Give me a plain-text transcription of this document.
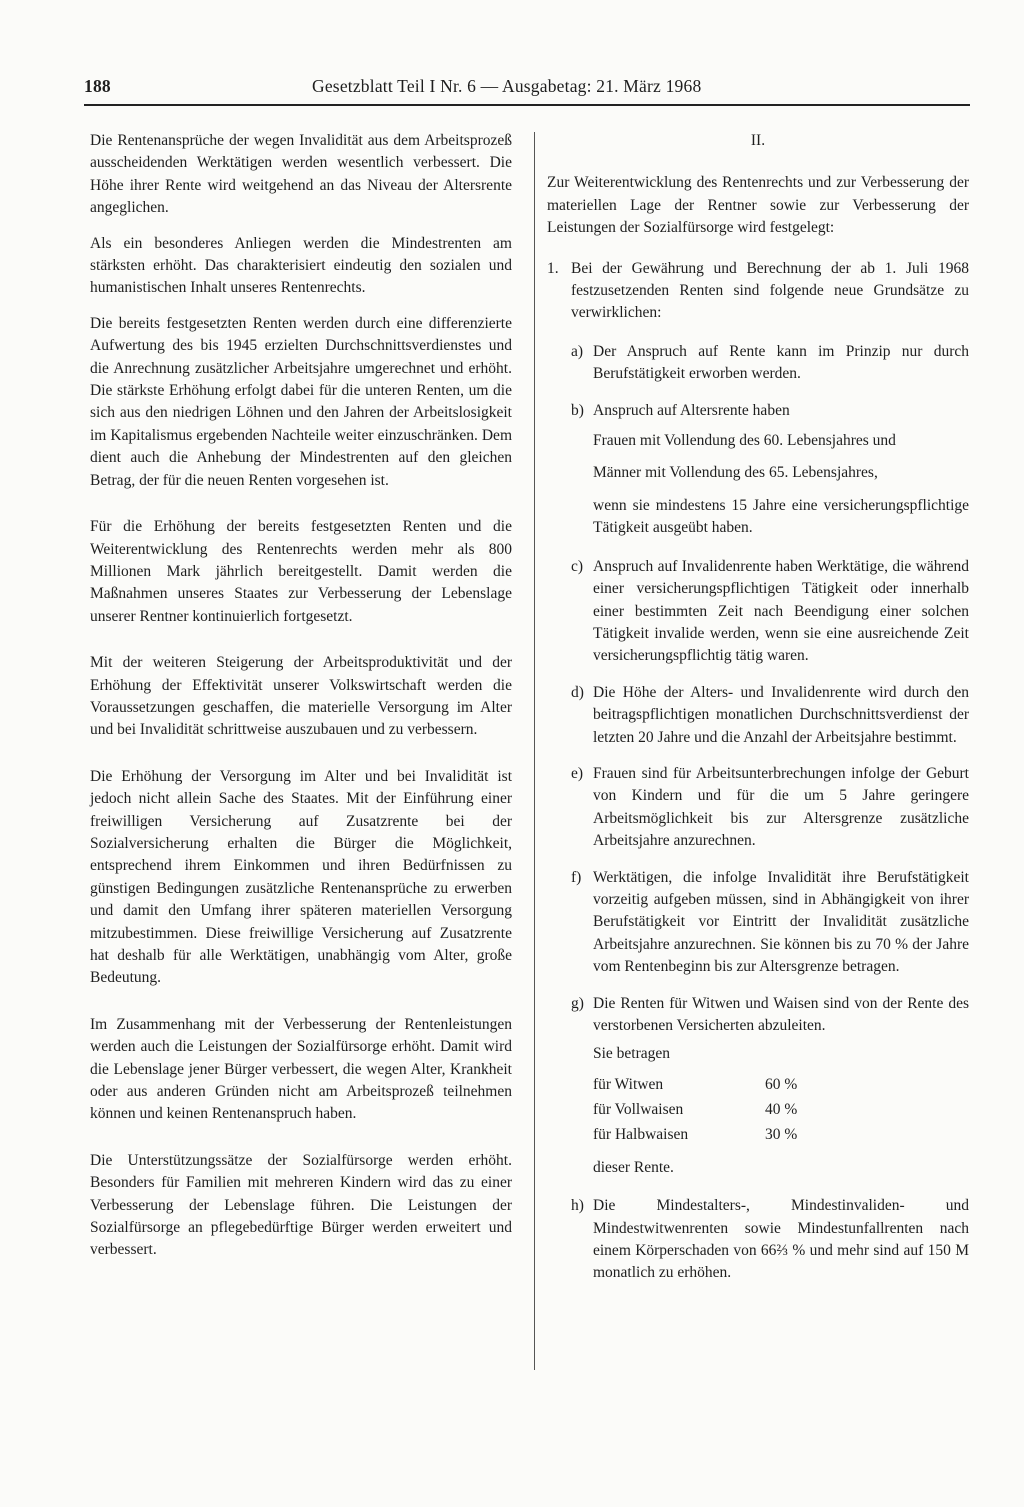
188	Gesetzblatt Teil I Nr. 6 — Ausgabetag: 21. März 1968

Die Rentenansprüche der wegen Invalidität aus dem Arbeitsprozeß ausscheidenden Werktätigen werden wesentlich verbessert. Die Höhe ihrer Rente wird weitgehend an das Niveau der Altersrente angeglichen.

Als ein besonderes Anliegen werden die Mindestrenten am stärksten erhöht. Das charakterisiert eindeutig den sozialen und humanistischen Inhalt unseres Rentenrechts.

Die bereits festgesetzten Renten werden durch eine differenzierte Aufwertung des bis 1945 erzielten Durchschnittsverdienstes und die Anrechnung zusätzlicher Arbeitsjahre umgerechnet und erhöht. Die stärkste Erhöhung erfolgt dabei für die unteren Renten, um die sich aus den niedrigen Löhnen und den Jahren der Arbeitslosigkeit im Kapitalismus ergebenden Nachteile weiter einzuschränken. Dem dient auch die Anhebung der Mindestrenten auf den gleichen Betrag, der für die neuen Renten vorgesehen ist.

Für die Erhöhung der bereits festgesetzten Renten und die Weiterentwicklung des Rentenrechts werden mehr als 800 Millionen Mark jährlich bereitgestellt. Damit werden die Maßnahmen unseres Staates zur Verbesserung der Lebenslage unserer Rentner kontinuierlich fortgesetzt.

Mit der weiteren Steigerung der Arbeitsproduktivität und der Erhöhung der Effektivität unserer Volkswirtschaft werden die Voraussetzungen geschaffen, die materielle Versorgung im Alter und bei Invalidität schrittweise auszubauen und zu verbessern.

Die Erhöhung der Versorgung im Alter und bei Invalidität ist jedoch nicht allein Sache des Staates. Mit der Einführung einer freiwilligen Versicherung auf Zusatzrente bei der Sozialversicherung erhalten die Bürger die Möglichkeit, entsprechend ihrem Einkommen und ihren Bedürfnissen zu günstigen Bedingungen zusätzliche Rentenansprüche zu erwerben und damit den Umfang ihrer späteren materiellen Versorgung mitzubestimmen. Diese freiwillige Versicherung auf Zusatzrente hat deshalb für alle Werktätigen, unabhängig vom Alter, große Bedeutung.

Im Zusammenhang mit der Verbesserung der Rentenleistungen werden auch die Leistungen der Sozialfürsorge erhöht. Damit wird die Lebenslage jener Bürger verbessert, die wegen Alter, Krankheit oder aus anderen Gründen nicht am Arbeitsprozeß teilnehmen können und keinen Rentenanspruch haben.

Die Unterstützungssätze der Sozialfürsorge werden erhöht. Besonders für Familien mit mehreren Kindern wird das zu einer Verbesserung der Lebenslage führen. Die Leistungen der Sozialfürsorge an pflegebedürftige Bürger werden erweitert und verbessert.

II.

Zur Weiterentwicklung des Rentenrechts und zur Verbesserung der materiellen Lage der Rentner sowie zur Verbesserung der Leistungen der Sozialfürsorge wird festgelegt:

1. Bei der Gewährung und Berechnung der ab 1. Juli 1968 festzusetzenden Renten sind folgende neue Grundsätze zu verwirklichen:

a) Der Anspruch auf Rente kann im Prinzip nur durch Berufstätigkeit erworben werden.

b) Anspruch auf Altersrente haben

Frauen mit Vollendung des 60. Lebensjahres und

Männer mit Vollendung des 65. Lebensjahres,

wenn sie mindestens 15 Jahre eine versicherungspflichtige Tätigkeit ausgeübt haben.

c) Anspruch auf Invalidenrente haben Werktätige, die während einer versicherungspflichtigen Tätigkeit oder innerhalb einer bestimmten Zeit nach Beendigung einer solchen Tätigkeit invalide werden, wenn sie eine ausreichende Zeit versicherungspflichtig tätig waren.

d) Die Höhe der Alters- und Invalidenrente wird durch den beitragspflichtigen monatlichen Durchschnittsverdienst der letzten 20 Jahre und die Anzahl der Arbeitsjahre bestimmt.

e) Frauen sind für Arbeitsunterbrechungen infolge der Geburt von Kindern und für die um 5 Jahre geringere Arbeitsmöglichkeit bis zur Altersgrenze zusätzliche Arbeitsjahre anzurechnen.

f) Werktätigen, die infolge Invalidität ihre Berufstätigkeit vorzeitig aufgeben müssen, sind in Abhängigkeit von ihrer Berufstätigkeit vor Eintritt der Invalidität zusätzliche Arbeitsjahre anzurechnen. Sie können bis zu 70 % der Jahre vom Rentenbeginn bis zur Altersgrenze betragen.

g) Die Renten für Witwen und Waisen sind von der Rente des verstorbenen Versicherten abzuleiten.

Sie betragen

für Witwen	60 %
für Vollwaisen	40 %
für Halbwaisen	30 %

dieser Rente.

h) Die Mindestalters-, Mindestinvaliden- und Mindestwitwenrenten sowie Mindestunfallrenten nach einem Körperschaden von 66⅔ % und mehr sind auf 150 M monatlich zu erhöhen.
